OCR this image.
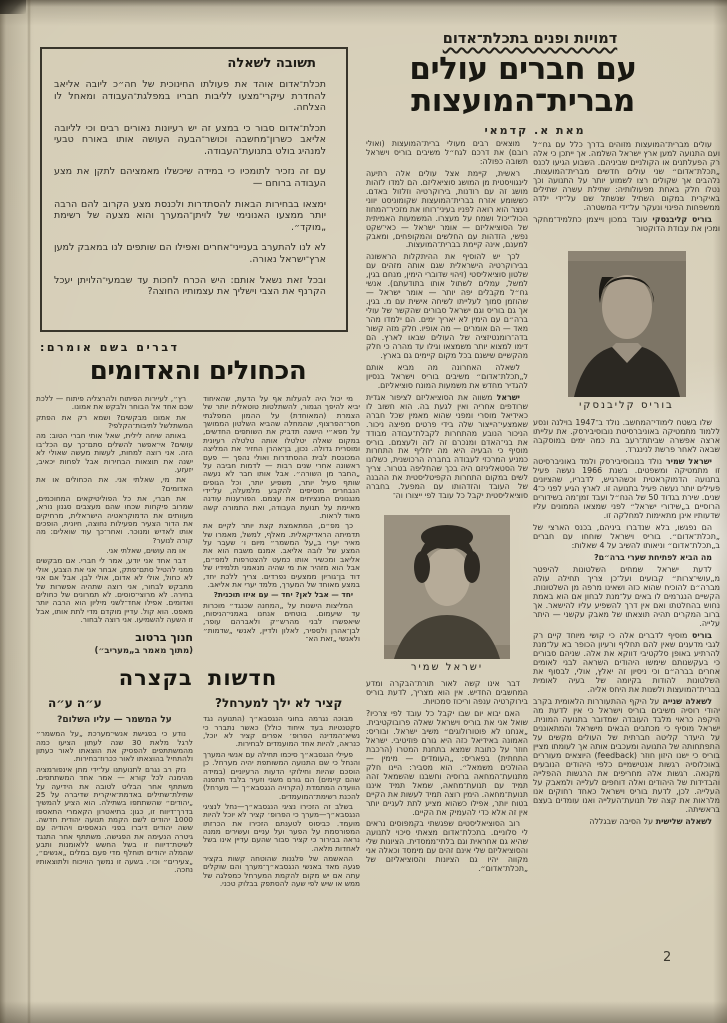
דמויות ופנים בתכלת־אדום
עם חברים עולים
מברית־המועצות
מאת א. קדמאי
תשובה לשאלה

תכלת־אדום אוהד את פעולתו החינוכית של חה״כ ליובה אליאב להחדרת עיקרי־מצעו לליבות חבריו במפלגת־העבודה ומאחל לו הצלחה.

תכלת־אדום סבור כי במצע זה יש רעיונות נאורים רבים וכי לליובה אליאב כשרון־מחשבה וכושר־הבעה העושה אותו באורח טבעי למנהיג בולט בתנועת־העבודה.

עם זה נזכיר לתומכיו כי במידה שיכשלו מאמציהם לתקן את מצע העבודה ברוחם —

ימצאו בבחירות הבאות להסתדרות ולכנסת מצע הקרוב להם הרבה יותר ממצעו האנונימי של לויתן־המערך והוא מצעה של רשימת „מוקד״.

לא לנו להתערב בענייני־אחרים ואפילו הם שותפים לנו במאבק למען ארץ־ישראל נאורה.

ובכל זאת נשאל אותם: היש הכרח לחכות עד שבמעי־הלויתן יעכל הקרנף את הצבי וישליך את עצמותיו החוצה?

עולים מברית־המועצות מזוהים בדרך כלל עם גח״ל ועם התנועה למען ארץ ישראל השלמה. אך ייתכן כי אלה רק הפעלתנים או הקולניים שביניהם. השבוע הגיעו לכנס „תכלת־אדום״ שני עולים חדשים מברית־המועצות. נלהבים אך שקולים רצו לשמוע יותר על התנועה וכך נטלו חלק באחת מפעולותיה: שתילת עשרה שתילים באיקרית במקום השתיל שנשתל שם על־ידי ילדה ממשפחות הפינוי ונעקר על־ידי המשטרה.

בוריס קליבנסקי עובד במכון וייצמן כתלמיד־מחקר ומכין את עבודת הדוקטור

בוריס קליבנסקי

שלו בשטח לימודי־המחשב. נולד ב־1947 בוילנה ונסע ללמוד מתמטיקה באוניברסיטת נובוסיבירסק. את עלייתו ארצה אפשרה שביתת־רעב בת כמה ימים במוסקבה שבאה לאחר פרשת לנינגרד.

ישראל שמיר נולד בנובוסיבירסק ולמד באוניברסיטה זו מתמטיקה ומשפטים. בשנת 1966 נעשה פעיל בתנועה הדמוקראטית וכשהרגיש, לדבריו, שהציונים פעילים יותר נעשה פעיל בתנועה זו. לארץ הגיע לפני כ־4 שנים. שירת בגדוד 50 של הנח״ל ועבד זמן־מה בשידורים הרוסיים ב„שידורי ישראל״ לפני שמצאו הממונים עליו שדעותיו אינן מתאימות למחלקה זו.

הם נפגשו, בלא שנדברו ביניהם, בכנס הארצי של „תכלת־אדום״. בוריס וישראל שוחחו עם חברים ב„תכלת־אדום״ וניאותו להשיב על 4 שאלות:

מה הביא לפתיחת שערי ברה״ם?

לדעת ישראל שמחים השלטונות להיפטר מ„עושי־צרות״ קבועים ועל־כן צריך תחילה עולה מברה״ם להוכיח שהוא כזה ושאינו מרפה מן השלטונות. הקשיים הנגרמים לו באים על־מנת לבחון אם הוא באמת נחוש בהחלטתו ואם אין דרך להשפיע עליו להישאר. אך ברוב המקרים תהיה תוצאתו של מאבק עקשני — היתר עלייה.

בוריס מוסיף לדברים אלה כי קושי מיוחד קיים רק לגבי מדענים שאין להם תחליף ורעיון הכופר בא על־מנת להרתיע באופן סלקטיבי דווקא את אלה. שניהם סבורים כי בעקשנותם שימשו היהודים השראה לבני לאומים אחרים בברה״ם וכי ניסיון זה יאלץ, אולי, לבסוף את השלטונות להודות בקיומה של בעיה לאומית בברית־המועצות ולשנות את היחס אליה.

לשאלה שנייה על היקף ההתעוררות הלאומית בקרב יהודי רוסיה משיבים בוריס וישראל כי אין לדעת מה היקפה כראוי מלבד העובדה שמדובר בתנועה המונית. ישראל מוסיף כי מכתבים הבאים מישראל והמתאוננים על היעדר קליטה חברתית של העולים מקשים על התפתחותה של התנועה ומעכבים אותה אך לעומתו מציין בוריס כי ישנו היזון חוזר (feedback) היוצאים מעוררים באוכלוסיה רגשות אנטישמיים כלפי היהודים הנובעים מקנאה. רגשות אלה מחריפים את הרגשות ההפלייה והבדידות של היהודים ואלה דוחפים לעלייה ולמאבק על העלייה. לכן, לדעת בוריס וישראל כאחד רחוקים אנו מלראות את קצה של תנועת־העלייה ואנו עומדים בעצם בראשיתה.

לשאלה שלישית על הסיבה שבגללה

מוצאים רבים מעולי ברית־המועצות (ואולי רובם) את דרכם לגח״ל משיבים בוריס וישראל תשובה כפולה:

ראשית, קיימת אצל עולים אלה רתיעה לינגוויסטית מן המושג סוציאליזם. הם למדו לזהות מושג זה עם רודנות, בירוקרטיה וזלזול באדם. כששומע אזרח בברית־המועצות שקומוניסט יווני נעצר הוא רואה לפניו בעיני־רוחו את מזכיר־המחוז הכול־יכול ושמח על מעצרו. המשמעות האמיתית של הסוציאליזם — אומר ישראל — כאי־שקט נפשי, הזדהות עם החלשים והמקופחים, ומאבק למענם, אינה קיימת בברית־המועצות.

לכך יש להוסיף את ההיתקלות הראשונה בבירוקרטיה הישראלית שגם אותה מזהים עם שלטון סוציאליסטי (זיהוי שדוברי הימין, מנחם בגין, למשל, עמלים לשתול אותו בתודעתם). אנשי גח״ל מקבלים יפה יותר — אומר ישראל — שהוזמן סמוך לעלייתו לשיחה אישית עם מ. בגין. אך גם בוריס וגם ישראל סבורים שהקשר של עולי ברה״ם עם הימין לא יאריך ימים. הם ילמדו מהר מאד — הם אומרים — מה אופיו. חלק מזה קשור בדה־רומנטיזציה של העולים שבאו לארץ. הם דימו למצוא יותר משמצאו וגילו עד מהרה כי חלק מהקשיים שישנם בכל מקום קיימים גם בארץ.

לשאלה האחרונה מה מביא אותם ל„תכלת־אדום״ משיבים בוריס וישראל בנסיון להגדיר מחדש את משמעות המונח סוציאליזם.

ישראל משווה את הסוציאליזם לציפור אגדית שרודפים אחריה ואין לגעת בה. הוא חשוב לו כאידיאל מוסרי ומפני שהוא מאמין שכל חברה שאמצעי־הייצור שלה בידי פרטים מפיצה ניכור. הניכור הנובע מהתחרות לקבלת־עבודה מבודד את בני־האדם ומנכרם זה לזה ולעצמם. בוריס מוסיף כי הבעיה היא מה יחליף את התחרות כמניע המרכזי לעבודה בחברה הרכושנית, כשלונו של הסטאליניזם היה בכך שהחליפה בטרור. צריך לשים במקום התחרות הקפיטליסטית את ההבנה של העובד והזדהותו עם המפעל. בחברה סוציאליסטית יקבל כל עובד לפי ייצורו וה־

ישראל שמיר

דבר אינו קשה לאור תורת־הבקרה ומדע המחשבים החדיש. אין הוא מצריך, לדעת בוריס בירוקרטיה ענפה וריכוז סמכויות.

האם יבוא יום שבו יקבל כל עובד לפי צרכיו? שואל אני את בוריס וישראל שאלה פרובוקטיבית. „אנחנו לא פוטורולוגים״ משיב ישראל. ובוריס: האמונה באידיאל כזה היא גורם פוזיטיבי. ישראל חוזר על כתובת שמצא בתחנת המטרו (הרכבת התחתית) בפאריס: „העומדים — מימין — ההולכים משמאל״. הוא מסביר: היינו חלק מתנועת־המחאה ברוסיה וחשבנו שהשמאל זהה תמיד עם תנועת־מחאה, שמאל תמיד איננו תנועת־מחאה. הימין רוצה תמיד לעשות את הקיים בטוח יותר, אפילו כשהוא מציע לתת לעניים יותר אין זה אלא כדי להעמיק את הקיים.

רוב הסוציאליסטים שפגשתי בקמפוסים נראים לי סלוניים. בתכלת־אדום מצאתי סיכוי לתנועה שהיא גם אחראית וגם בלתי־ממסדית. הציונות שלי והסוציאליזם שלי אינם זהים עם מימסד וכאלה אני מקווה יהיו גם הציונות והסוציאליזם של „תכלת־אדום״.

דברים בשם אומרם:
הכחולים והאדומים

מי יכול היה להעלות אף על הדעת, שהאיחוד יביא להיפך הגמור, להשתלטות טוטאלית יותר של הצמרת (המאוחדת) על ההמון המפלגתי חסר־הפרצוף, שהמחלה שהביא השלטון הממושך על מפא״י הישנה תדביק את השותפים החדשים, במקום שאלה יטלטלו אותה טלטלה רעיונית ומוסרית גדולה. נכון, בן־אהרן החזיר את המליצה המכונסת לבית ההסתדרות ואולי נהפך — פעם ראשונה אחרי שנים רבות — לדמות חביבה על „החבר מן השורה״. אבל אותו חבר לא נעשה שותף פעיל יותר, משפיע יותר, וכל הגופים הנבחרים מוסיפים להקבע מלמעלה, על־ידי מנגנונים המנציחים את עצמם. הפורענות עודנה מאיימת על תנועת העבודה, ואת התמורה קשה מאוד לראות.

כך מפ״ם, המתאמצת קצת יותר לקיים את תדמיתה הראדיקאלית. מאלף, למשל, מאמרו של מאיר יערי ב„על המשמר״ מיום ו׳ שעבר על המצע של לובה אליאב. אמנם משבח הוא את אליאב ומכשיר אותו כמעט להצטרפות למפ״ם, אבל הוא מזהיר את מי שהיה מנאמני תלמידיו של דוד בן־גוריון ממצעים נפרדים. צריך ללכת יחד, במצע מאוחד של המערך, מלמד יערי את אליאב.

יחד — אבל לאן? יחד — עם איזו תוכנית?

המליצות הישנות על „המחנה שכנגד״ מוכרות עד שיעמום. בוטחים אנחנו באמני־הניסוח, שיאפשרו לבני מהרש״ק ולאברהם עופר, לבן־אהרן ולספיר, לאלון ולדיין, לאנשי „שדמות״ ולאנשי „זאת הא־

רץ״, לעיירות הפיתוח ולהרצליה פיתוח — ללכת שכם אחד אל הבוחר ולבקש את אמונו.

את אמונו מבקשים? ושמא רק את הפתק המשתלשל לתיבות־הקלפי?

באותה שיחה לילית, שאל אותי חברי הטוב: מה עושים? אי־אפשר להשלים סתם־כך עם הכל־בו הזה. אני רוצה למחות, לעשות מעשה שאולי לא ישנה את תוצאות הבחירות אבל לפחות יכאיב, יזעזע.

את מי, שאלתי אני. את הכחולים או את האדומים?

את חברי, את כל הפוליטיקאים המחוכמים, שמרוב פיקחות שכחו שהם מעצבים סגנון נורא, מעוותים את הדמוקראטיה הישראלית, מרחיקים את הדור הצעיר מפעילות נחוצה, חיונית, הופכים אותו לאדיש ומנוכר. ואחר־כך עוד שואלים: מה קורה לנוער?

או מה עושים, שאלתי אני.

דבר אחד אני יודע, אמר לי חברי. אם מבקשים ממני להטיל סתם־פתק, אבחר אני את הצבע, אולי לא כחול, אולי לא אדום, אולי לבן. אבל אם אני מתבקש לבחור, אני רוצה שתהיה אפשרות של בחירה. לא מרוצי־סוסים. לא תמרונים של כחולים ואדומים. אפילו אחד־לשני מיליון הוא הרבה יותר מאפס. הוא קול. עדיין מוקדם מדי לתת אותו, אבל זו השעה להשמיעו. אני רוצה לבחור.

חנוך ברטוב
(מתוך מאמר ב„מעריב״)
חדשות בקצרה
קציר לא ילך למערחל?

מבוכה נגרמה בחוגי הנגסבא״ך (התנועה נגד סקטנטיות בעד איחוד כולל) כאשר נתברר כי נשיא־המדינה הפרופ׳ אפרים קציר לא יוכל, כנראה, להיות אחד המועמדים לבחירות.

פעילי הנגסבא״ך סיכמו תחילה עם אנשי המערך והנחל כי שם התנועה המשותפת יהיה מערחל. כן הוסכם שהיות וחילוקי הדעות הרעיוניים (במידה שהם קיימים) הם גורם משני וזעיר בלבד תתפנה הוועדה המתמדת (הקרויה הנגסבא״ך — מערחל) להכנת רשימת־המועמדים.

בשלב זה הזכירו נציגי הנגסבא״ך—נחל לנציגי הנגסבא״ך—מערך כי הפרופ׳ קציר לא יוכל להיות מועמד. כביסוס לטענתם הזכירו את הכרזתו המפורסמת על הפער ועל עניים ועשירים ממנה נראה בבירור כי קציר סבור שהעם עדיין אינו בשל לאחדות מלאה.

ההאשמה של פלגנות שהוטחה קשות בקציר פגעה מאד באנשי הנגסבא״ך־מערך והם שוקלים עתה אם יש מקום להקמת המערחל כמפלגה של ממש או שיש לפי שעה להסתפק בבלוק טכני.

ע״ה ע״ה
על המשמר — עליו השלום?

נודע כי בפגישת אנשי־מערכת „על המשמר״ לרגל מלאת 30 שנה לעתון הציעו כמה מהמשתתפים להפסיק את הוצאתו לאור כעתון ולהתחיל בהוצאתו לאור ככרוז־בחירות.

נזק רב נגרם לתנועתנו על־ידי מתן אינפורמציה מהימנה לכל קורא — אמר אחד המשתתפים. משתתף אחר הבליט לטובה את הידיעה על שתילת־שתילים באדמת־איקרית שדיברה על 25 „יהודים״ שהשתתפו בשתילה. הוא הציע להמשיך בדרך־דיווח זו, כגון: בתיאטרון הקאמרי התאספו 1000 יהודים לשם הקמת תנועה יהודית חדשה. ששה יהודים דיברו בפני הנאספים ויהודיה עם גיטרה הנעימה את הפגישה. משתתף אחר התנגד לשיטת־דיווח זו בשל החשש ללאומנות ותבע שהמלה יהודים תוחלף מדי פעם במלים „אנשים״, „צעירים״ וכו׳. בשעה זו נמשך הוויכוח ולתוצאותיו נחכה.

2
